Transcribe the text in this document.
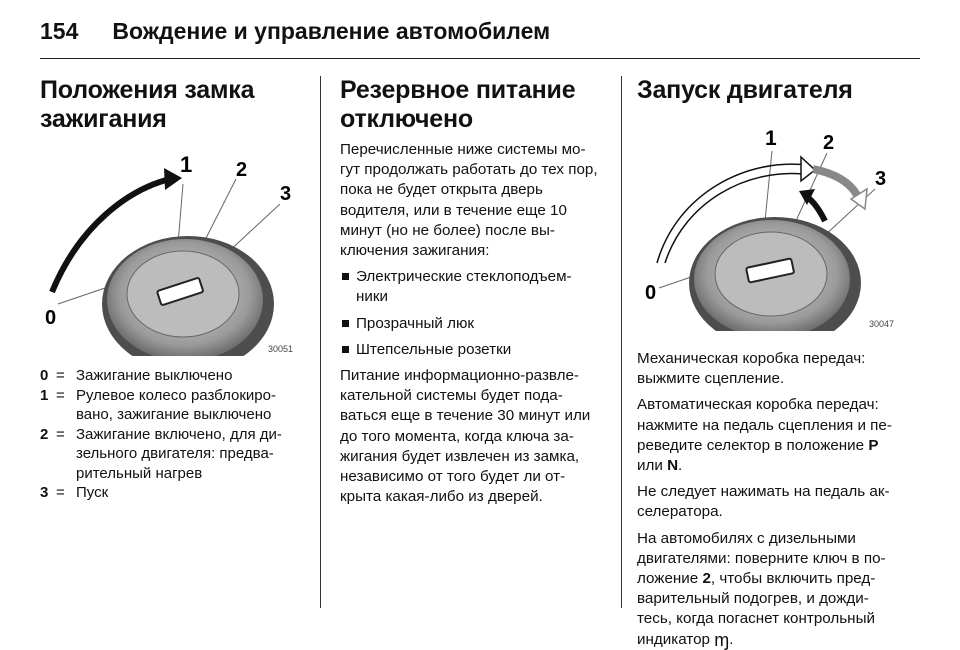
154 Вождение и управление автомобилем
Положения замка зажигания
0
1 2
3
30051
0 = Зажигание выключено
1 = Рулевое колесо разблокиро- вано, зажигание выключено
2 = Зажигание включено, для ди- зельного двигателя: предва- рительный нагрев
3 = Пуск
Резервное питание отключено

Перечисленные ниже системы мо- гут продолжать работать до тех пор, пока не будет открыта дверь водителя, или в течение еще 10 минут (но не более) после вы- ключения зажигания:

Электрические стеклоподъем- ники
Прозрачный люк
Штепсельные розетки

Питание информационно-развле- кательной системы будет пода- ваться еще в течение 30 минут или до того момента, когда ключа за- жигания будет извлечен из замка, независимо от того будет ли от- крыта какая-либо из дверей.

Запуск двигателя
0
1 2
3
30047

Механическая коробка передач: выжмите сцепление.

Автоматическая коробка передач: нажмите на педаль сцепления и пе- реведите селектор в положение P или N.

Не следует нажимать на педаль ак- селератора.

На автомобилях с дизельными двигателями: поверните ключ в по- ложение 2, чтобы включить пред- варительный подогрев, и дожди- тесь, когда погаснет контрольный индикатор ɱ.
